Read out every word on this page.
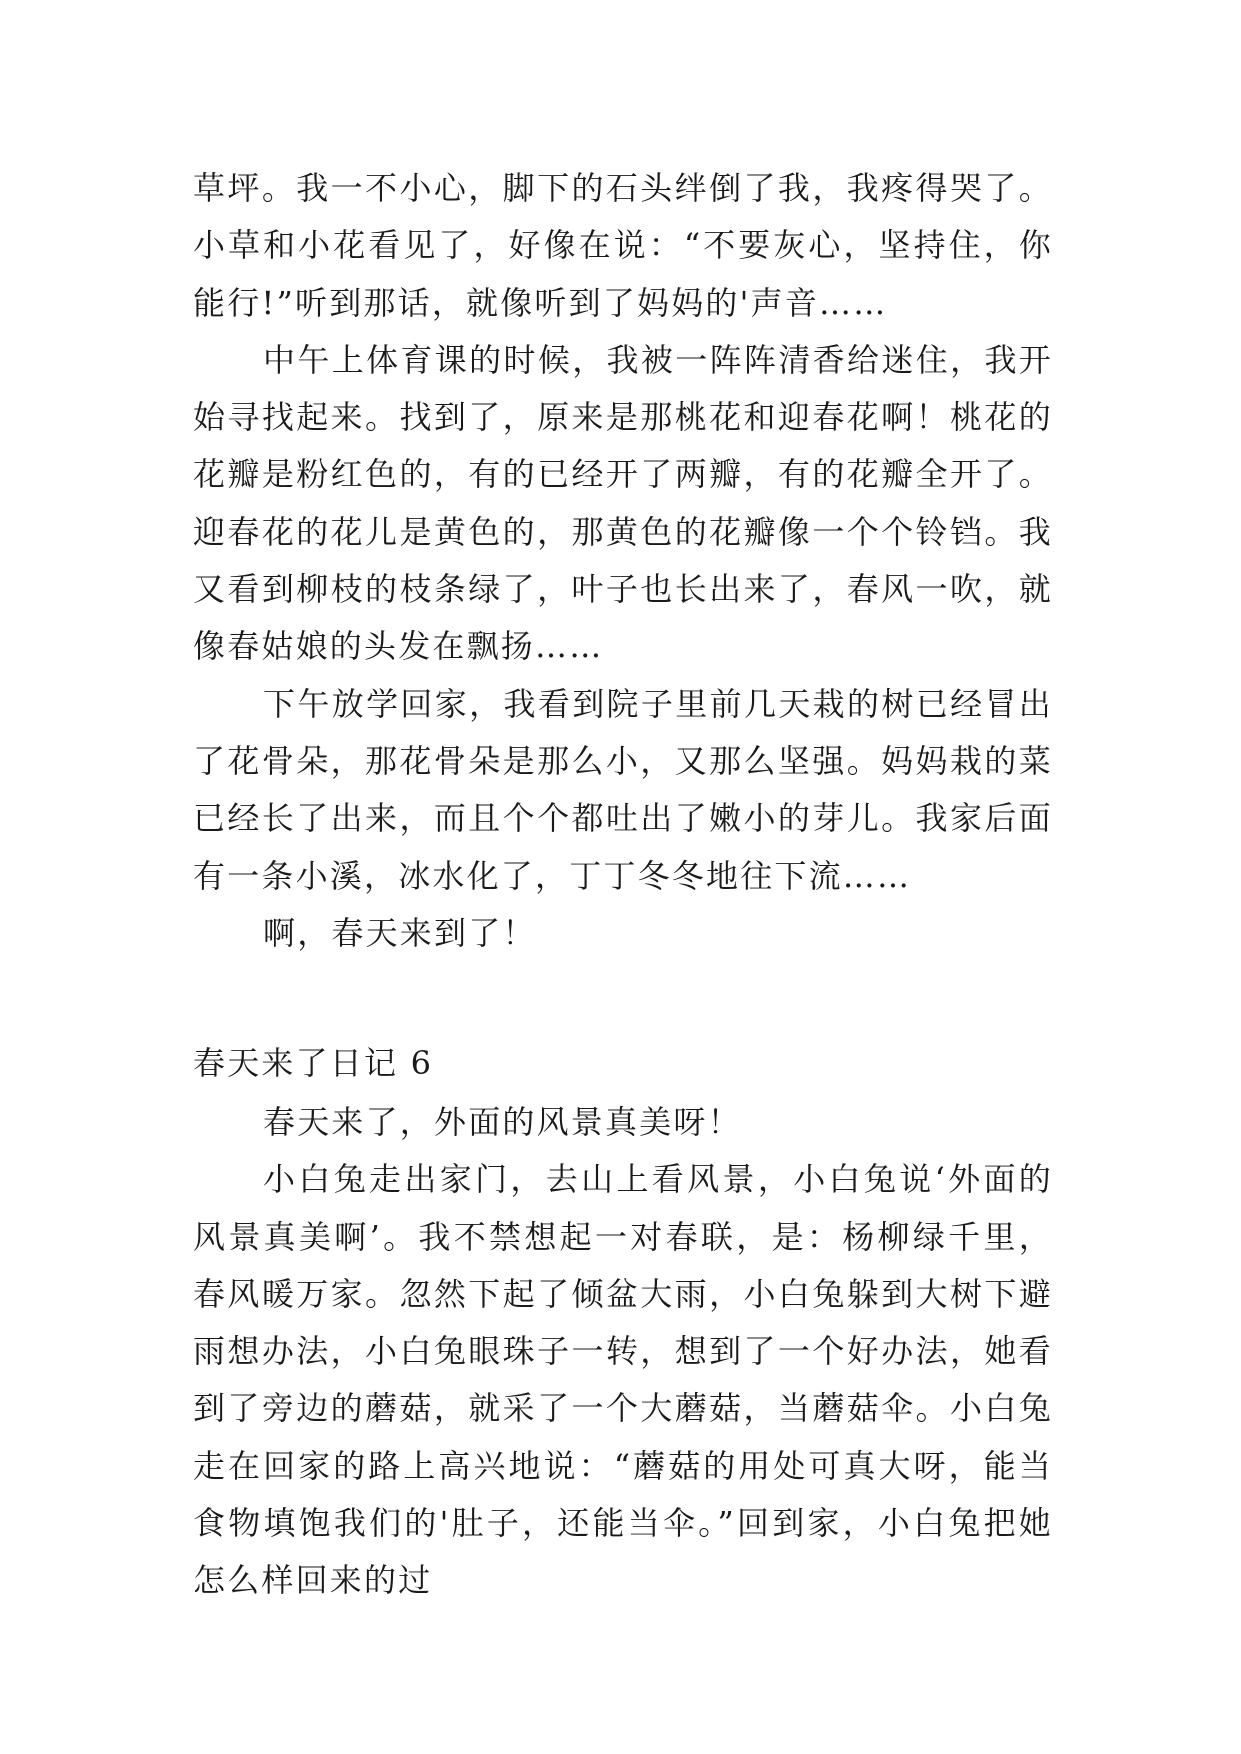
草坪。我一不小心，脚下的石头绊倒了我，我疼得哭了。小草和小花看见了，好像在说：“不要灰心，坚持住，你能行!”听到那话，就像听到了妈妈的'声音……

中午上体育课的时候，我被一阵阵清香给迷住，我开始寻找起来。找到了，原来是那桃花和迎春花啊！桃花的花瓣是粉红色的，有的已经开了两瓣，有的花瓣全开了。迎春花的花儿是黄色的，那黄色的花瓣像一个个铃铛。我又看到柳枝的枝条绿了，叶子也长出来了，春风一吹，就像春姑娘的头发在飘扬……

下午放学回家，我看到院子里前几天栽的树已经冒出了花骨朵，那花骨朵是那么小，又那么坚强。妈妈栽的菜已经长了出来，而且个个都吐出了嫩小的芽儿。我家后面有一条小溪，冰水化了，丁丁冬冬地往下流……

啊，春天来到了！

春天来了日记 6

春天来了，外面的风景真美呀！

小白兔走出家门，去山上看风景，小白兔说‘外面的风景真美啊’。我不禁想起一对春联，是：杨柳绿千里，春风暖万家。忽然下起了倾盆大雨，小白兔躲到大树下避雨想办法，小白兔眼珠子一转，想到了一个好办法，她看到了旁边的蘑菇，就采了一个大蘑菇，当蘑菇伞。小白兔走在回家的路上高兴地说：“蘑菇的用处可真大呀，能当食物填饱我们的'肚子，还能当伞。”回到家，小白兔把她怎么样回来的过
